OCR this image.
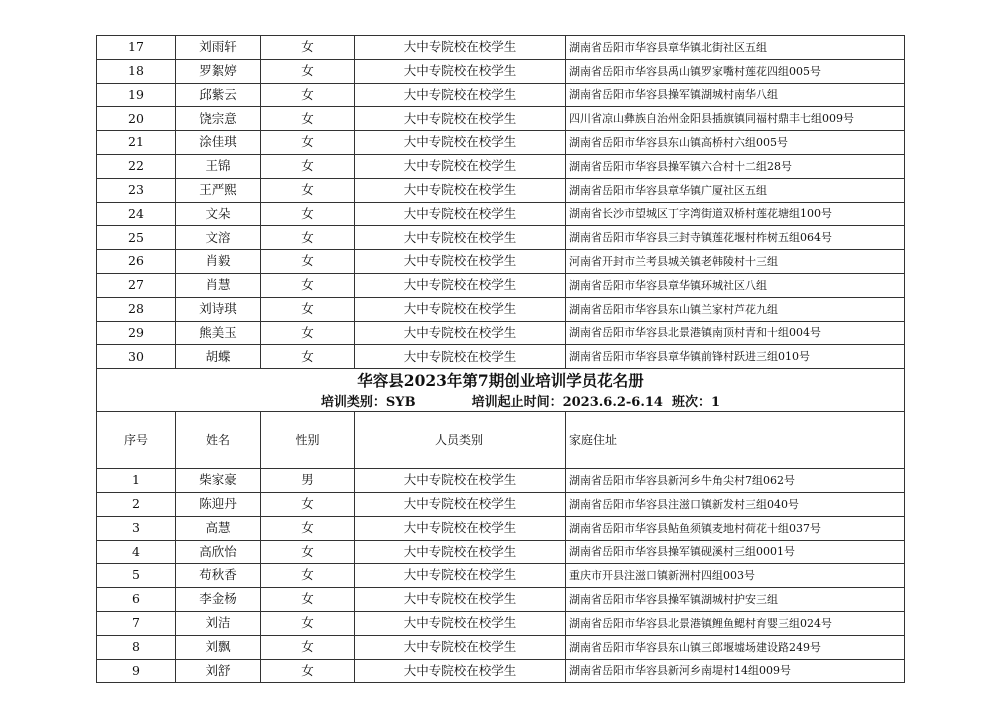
17	刘雨轩	女	大中专院校在校学生	湖南省岳阳市华容县章华镇北街社区五组
18	罗絮婷	女	大中专院校在校学生	湖南省岳阳市华容县禹山镇罗家嘴村莲花四组005号
19	邱紫云	女	大中专院校在校学生	湖南省岳阳市华容县操军镇湖城村南华八组
20	饶宗意	女	大中专院校在校学生	四川省凉山彝族自治州金阳县插旗镇同福村鼎丰七组009号
21	涂佳琪	女	大中专院校在校学生	湖南省岳阳市华容县东山镇高桥村六组005号
22	王锦	女	大中专院校在校学生	湖南省岳阳市华容县操军镇六合村十二组28号
23	王严熙	女	大中专院校在校学生	湖南省岳阳市华容县章华镇广厦社区五组
24	文朵	女	大中专院校在校学生	湖南省长沙市望城区丁字湾街道双桥村莲花塘组100号
25	文溶	女	大中专院校在校学生	湖南省岳阳市华容县三封寺镇莲花堰村柞树五组064号
26	肖毅	女	大中专院校在校学生	河南省开封市兰考县城关镇老韩陵村十三组
27	肖慧	女	大中专院校在校学生	湖南省岳阳市华容县章华镇环城社区八组
28	刘诗琪	女	大中专院校在校学生	湖南省岳阳市华容县东山镇兰家村芦花九组
29	熊美玉	女	大中专院校在校学生	湖南省岳阳市华容县北景港镇南顶村青和十组004号
30	胡蝶	女	大中专院校在校学生	湖南省岳阳市华容县章华镇前锋村跃进三组010号
华容县2023年第7期创业培训学员花名册				

培训类别：SYB 培训起止时间：2023.6.2-6.14 班次：1				

序号	姓名	性别	人员类别	家庭住址
1	柴家豪	男	大中专院校在校学生	湖南省岳阳市华容县新河乡牛角尖村7组062号
2	陈迎丹	女	大中专院校在校学生	湖南省岳阳市华容县注滋口镇新发村三组040号
3	高慧	女	大中专院校在校学生	湖南省岳阳市华容县鲇鱼须镇麦地村荷花十组037号
4	高欣怡	女	大中专院校在校学生	湖南省岳阳市华容县操军镇砚溪村三组0001号
5	苟秋香	女	大中专院校在校学生	重庆市开县注滋口镇新洲村四组003号
6	李金杨	女	大中专院校在校学生	湖南省岳阳市华容县操军镇湖城村护安三组
7	刘洁	女	大中专院校在校学生	湖南省岳阳市华容县北景港镇鲤鱼鳃村育婴三组024号
8	刘飘	女	大中专院校在校学生	湖南省岳阳市华容县东山镇三郎堰墟场建设路249号
9	刘舒	女	大中专院校在校学生	湖南省岳阳市华容县新河乡南堤村14组009号
